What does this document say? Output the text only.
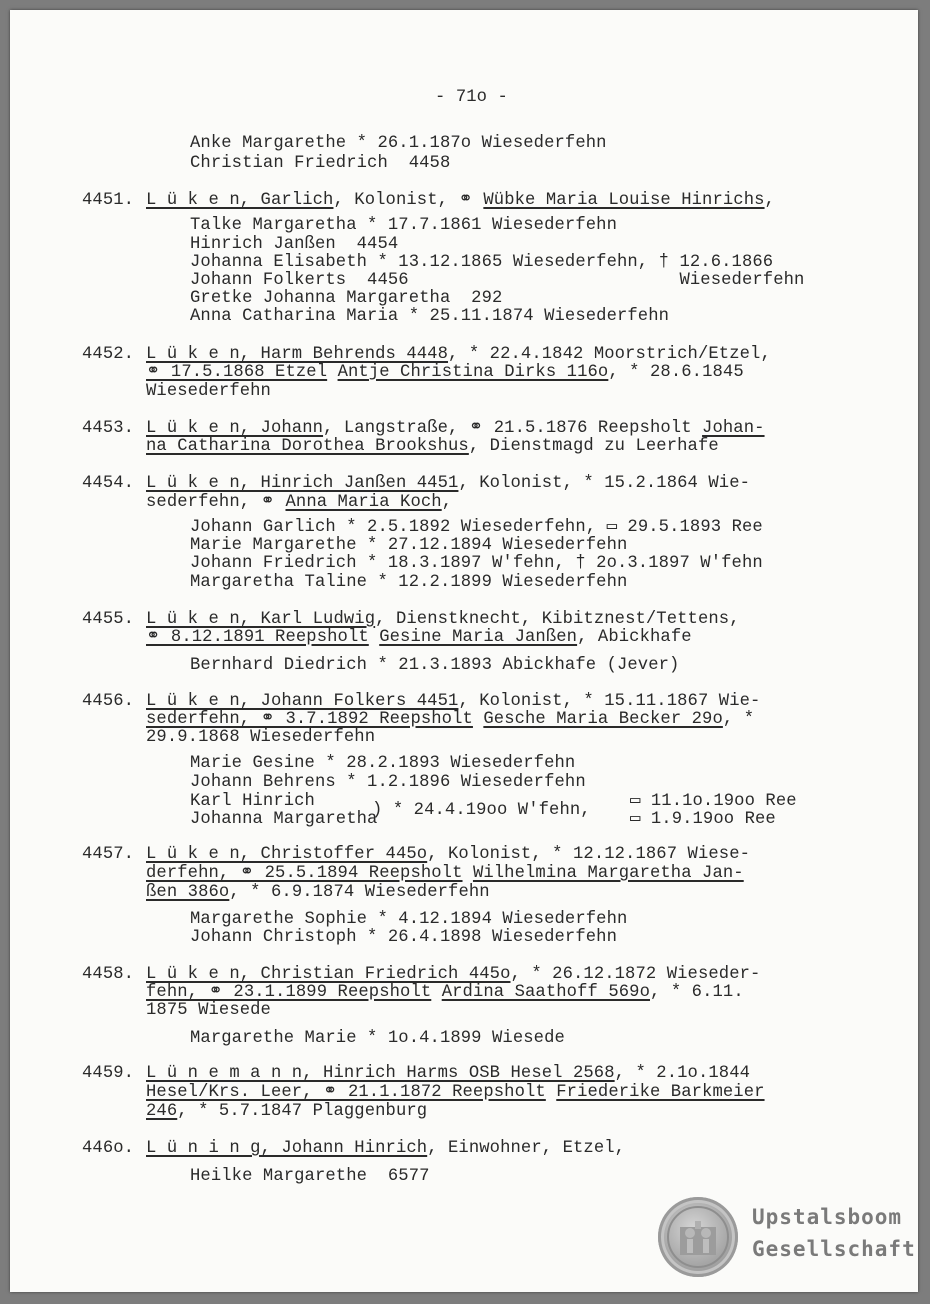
- 71o -
Anke Margarethe * 26.1.187o Wiesederfehn
Christian Friedrich  4458
4451. L ü k e n, Garlich, Kolonist, ⚭ Wübke Maria Louise Hinrichs,
Talke Margaretha * 17.7.1861 Wiesederfehn
Hinrich Janßen  4454
Johanna Elisabeth * 13.12.1865 Wiesederfehn, † 12.6.1866
Johann Folkerts  4456                          Wiesederfehn
Gretke Johanna Margaretha  292
Anna Catharina Maria * 25.11.1874 Wiesederfehn
4452. L ü k e n, Harm Behrends 4448, * 22.4.1842 Moorstrich/Etzel,
⚭ 17.5.1868 Etzel Antje Christina Dirks 116o, * 28.6.1845
Wiesederfehn
4453. L ü k e n, Johann, Langstraße, ⚭ 21.5.1876 Reepsholt Johan-
na Catharina Dorothea Brookshus, Dienstmagd zu Leerhafe
4454. L ü k e n, Hinrich Janßen 4451, Kolonist, * 15.2.1864 Wie-
sederfehn, ⚭ Anna Maria Koch,
Johann Garlich * 2.5.1892 Wiesederfehn, ▭ 29.5.1893 Ree
Marie Margarethe * 27.12.1894 Wiesederfehn
Johann Friedrich * 18.3.1897 W'fehn, † 2o.3.1897 W'fehn
Margaretha Taline * 12.2.1899 Wiesederfehn
4455. L ü k e n, Karl Ludwig, Dienstknecht, Kibitznest/Tettens,
⚭ 8.12.1891 Reepsholt Gesine Maria Janßen, Abickhafe
Bernhard Diedrich * 21.3.1893 Abickhafe (Jever)
4456. L ü k e n, Johann Folkers 4451, Kolonist, * 15.11.1867 Wie-
sederfehn, ⚭ 3.7.1892 Reepsholt Gesche Maria Becker 29o, *
29.9.1868 Wiesederfehn
Marie Gesine * 28.2.1893 Wiesederfehn
Johann Behrens * 1.2.1896 Wiesederfehn
Karl Hinrich
Johanna Margaretha
) * 24.4.19oo W'fehn, ▭ 11.1o.19oo Ree
▭ 1.9.19oo Ree
4457. L ü k e n, Christoffer 445o, Kolonist, * 12.12.1867 Wiese-
derfehn, ⚭ 25.5.1894 Reepsholt Wilhelmina Margaretha Jan-
ßen 386o, * 6.9.1874 Wiesederfehn
Margarethe Sophie * 4.12.1894 Wiesederfehn
Johann Christoph * 26.4.1898 Wiesederfehn
4458. L ü k e n, Christian Friedrich 445o, * 26.12.1872 Wieseder-
fehn, ⚭ 23.1.1899 Reepsholt Ardina Saathoff 569o, * 6.11.
1875 Wiesede
Margarethe Marie * 1o.4.1899 Wiesede
4459. L ü n e m a n n, Hinrich Harms OSB Hesel 2568, * 2.1o.1844
Hesel/Krs. Leer, ⚭ 21.1.1872 Reepsholt Friederike Barkmeier
246, * 5.7.1847 Plaggenburg
446o. L ü n i n g, Johann Hinrich, Einwohner, Etzel,
Heilke Margarethe  6577
Upstalsboom
Gesellschaft
